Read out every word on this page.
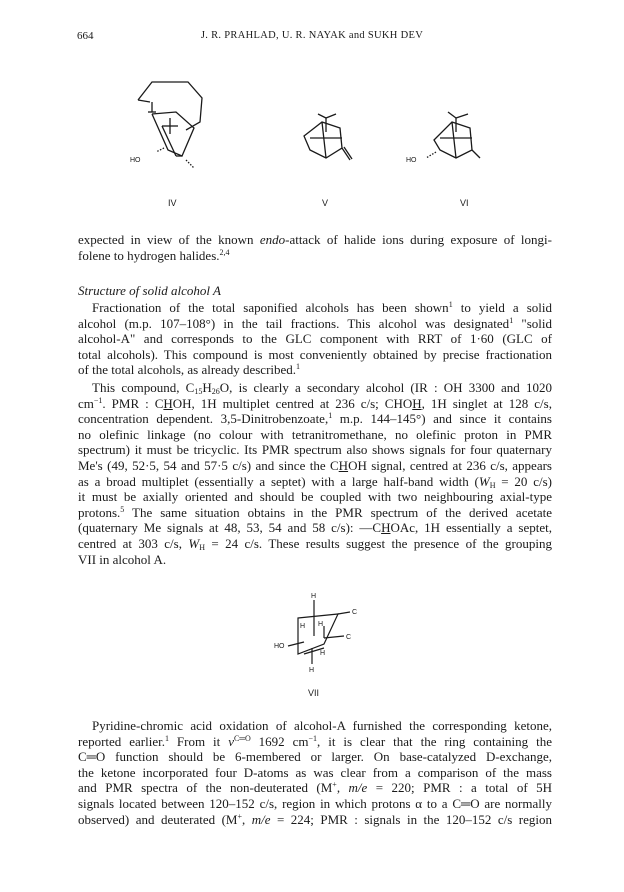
664	J. R. PRAHLAD, U. R. NAYAK and SUKH DEV
HO	HO
IV	V	VI
expected in view of the known endo-attack of halide ions during exposure of longi-
folene to hydrogen halides.$^{2,4}$
Structure of solid alcohol A
Fractionation of the total saponified alcohols has been shown$^1$ to yield a solid
alcohol (m.p. 107–108°) in the tail fractions. This alcohol was designated$^1$ "solid
alcohol-A" and corresponds to the GLC component with RRT of 1·60 (GLC of
total alcohols). This compound is most conveniently obtained by precise fractionation
of the total alcohols, as already described.$^1$
This compound, $C_{15}H_{26}O$, is clearly a secondary alcohol (IR : OH 3300 and 1020
$cm^{-1}$. PMR : CHOH, 1H multiplet centred at 236 c/s; CHOH, 1H singlet at 128 c/s,
concentration dependent. 3,5-Dinitrobenzoate,$^1$ m.p. 144–145°) and since it contains
no olefinic linkage (no colour with tetranitromethane, no olefinic proton in PMR
spectrum) it must be tricyclic. Its PMR spectrum also shows signals for four quaternary
Me's (49, 52·5, 54 and 57·5 c/s) and since the CHOH signal, centred at 236 c/s, appears
as a broad multiplet (essentially a septet) with a large half-band width ($W_H = 20$ c/s)
it must be axially oriented and should be coupled with two neighbouring axial-type
protons.$^5$ The same situation obtains in the PMR spectrum of the derived acetate
(quaternary Me signals at 48, 53, 54 and 58 c/s): —CHOAc, 1H essentially a septet,
centred at 303 c/s, $W_H = 24$ c/s. These results suggest the presence of the grouping
VII in alcohol A.
H
H H
C
C
HO
H
H
VII
Pyridine-chromic acid oxidation of alcohol-A furnished the corresponding ketone,
reported earlier.$^1$ From it $\nu^{C═O}$ 1692 $cm^{-1}$, it is clear that the ring containing the
C═O function should be 6-membered or larger. On base-catalyzed D-exchange,
the ketone incorporated four D-atoms as was clear from a comparison of the mass
and PMR spectra of the non-deuterated (M+, m/e = 220; PMR : a total of 5H
signals located between 120–152 c/s, region in which protons α to a C═O are normally
observed) and deuterated (M+, m/e = 224; PMR : signals in the 120–152 c/s region
